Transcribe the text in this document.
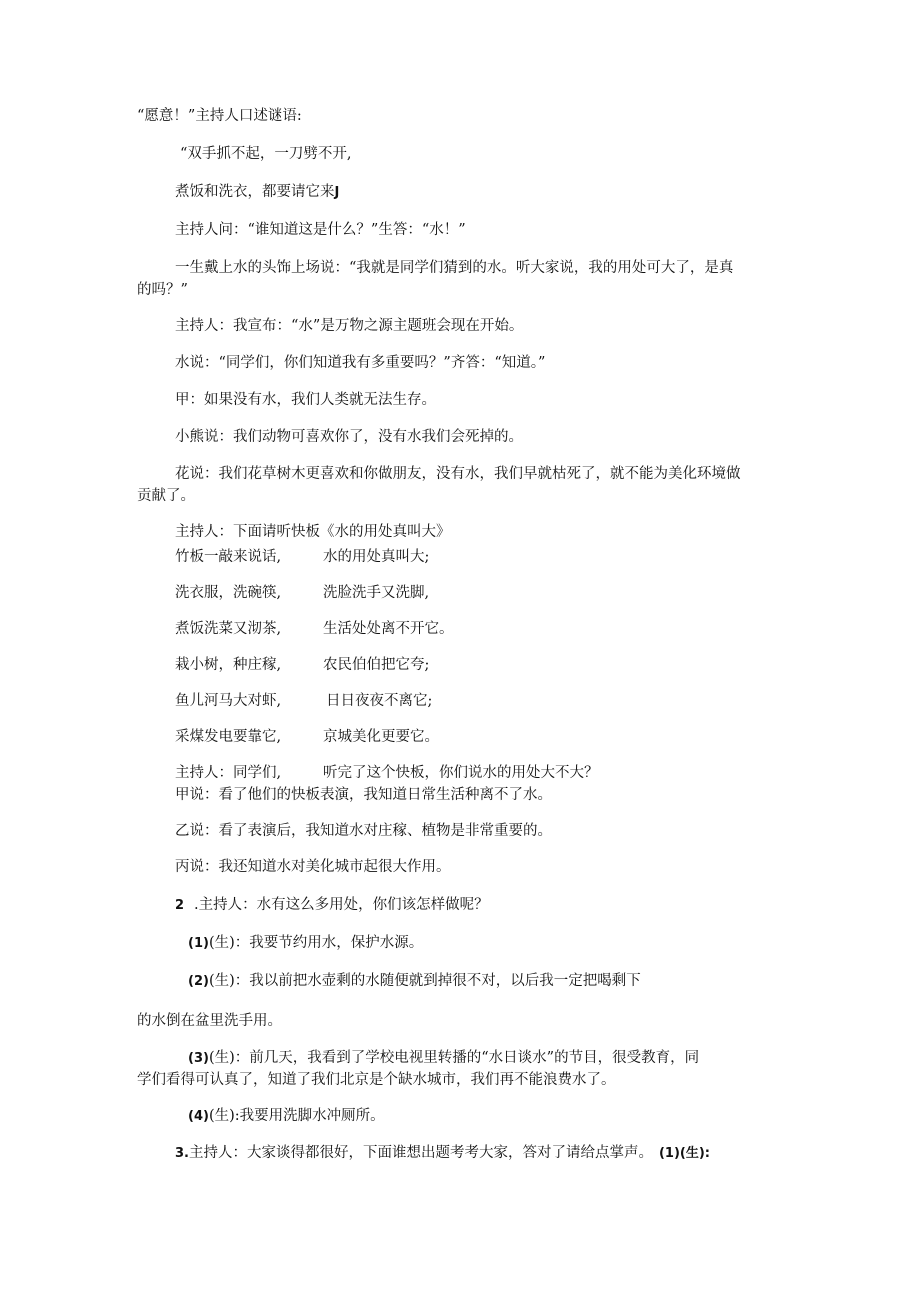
“愿意！”主持人口述谜语:
“双手抓不起，一刀劈不开,
煮饭和洗衣，都要请它来J
主持人问：“谁知道这是什么？”生答：“水！”
一生戴上水的头饰上场说：“我就是同学们猜到的水。听大家说，我的用处可大了，是真
的吗？”
主持人：我宣布：“水”是万物之源主题班会现在开始。
水说：“同学们，你们知道我有多重要吗？”齐答：“知道。”
甲：如果没有水，我们人类就无法生存。
小熊说：我们动物可喜欢你了，没有水我们会死掉的。
花说：我们花草树木更喜欢和你做朋友，没有水，我们早就枯死了，就不能为美化环境做
贡献了。
主持人：下面请听快板《水的用处真叫大》
竹板一敲来说话,	水的用处真叫大;
洗衣服，洗碗筷,	洗脸洗手又洗脚,
煮饭洗菜又沏茶,	生活处处离不开它。
栽小树，种庄稼,	农民伯伯把它夸;
鱼儿河马大对虾,	日日夜夜不离它;
采煤发电要靠它,	京城美化更要它。
主持人：同学们,	听完了这个快板，你们说水的用处大不大？
甲说：看了他们的快板表演，我知道日常生活种离不了水。
乙说：看了表演后，我知道水对庄稼、植物是非常重要的。
丙说：我还知道水对美化城市起很大作用。
2 .主持人：水有这么多用处，你们该怎样做呢？
(1)(生)：我要节约用水，保护水源。
(2)(生)：我以前把水壶剩的水随便就到掉很不对，以后我一定把喝剩下
的水倒在盆里洗手用。
(3)(生)：前几天，我看到了学校电视里转播的“水日谈水”的节目，很受教育，同
学们看得可认真了，知道了我们北京是个缺水城市，我们再不能浪费水了。
(4)(生):我要用洗脚水冲厕所。
3.主持人：大家谈得都很好，下面谁想出题考考大家，答对了请给点掌声。 (1)(生):
